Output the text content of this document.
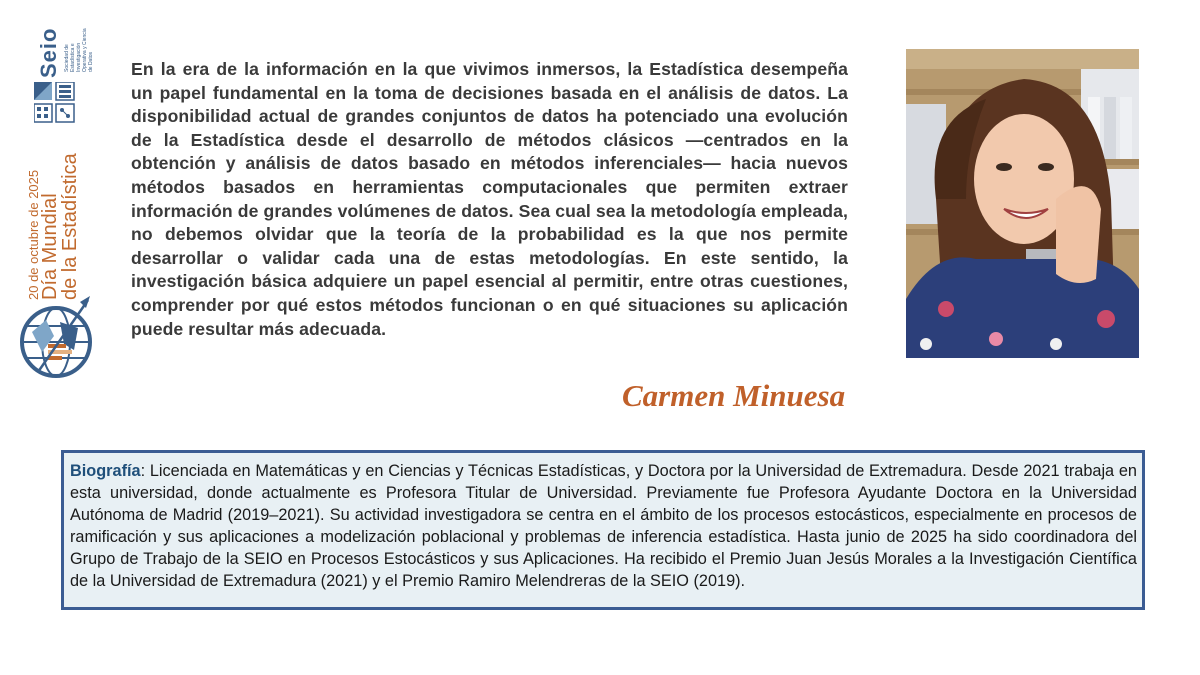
Seio Sociedad de Estadística e Investigación Operativa y Ciencia de Datos
20 de octubre de 2025
Día Mundial
de la Estadística

En la era de la información en la que vivimos inmersos, la Estadística desempeña un papel fundamental en la toma de decisiones basada en el análisis de datos. La disponibilidad actual de grandes conjuntos de datos ha potenciado una evolución de la Estadística desde el desarrollo de métodos clásicos —centrados en la obtención y análisis de datos basado en métodos inferenciales— hacia nuevos métodos basados en herramientas computacionales que permiten extraer información de grandes volúmenes de datos. Sea cual sea la metodología empleada, no debemos olvidar que la teoría de la probabilidad es la que nos permite desarrollar o validar cada una de estas metodologías. En este sentido, la investigación básica adquiere un papel esencial al permitir, entre otras cuestiones, comprender por qué estos métodos funcionan o en qué situaciones su aplicación puede resultar más adecuada.

Carmen Minuesa
Biografía: Licenciada en Matemáticas y en Ciencias y Técnicas Estadísticas, y Doctora por la Universidad de Extremadura. Desde 2021 trabaja en esta universidad, donde actualmente es Profesora Titular de Universidad. Previamente fue Profesora Ayudante Doctora en la Universidad Autónoma de Madrid (2019–2021). Su actividad investigadora se centra en el ámbito de los procesos estocásticos, especialmente en procesos de ramificación y sus aplicaciones a modelización poblacional y problemas de inferencia estadística. Hasta junio de 2025 ha sido coordinadora del Grupo de Trabajo de la SEIO en Procesos Estocásticos y sus Aplicaciones. Ha recibido el Premio Juan Jesús Morales a la Investigación Científica de la Universidad de Extremadura (2021) y el Premio Ramiro Melendreras de la SEIO (2019).
